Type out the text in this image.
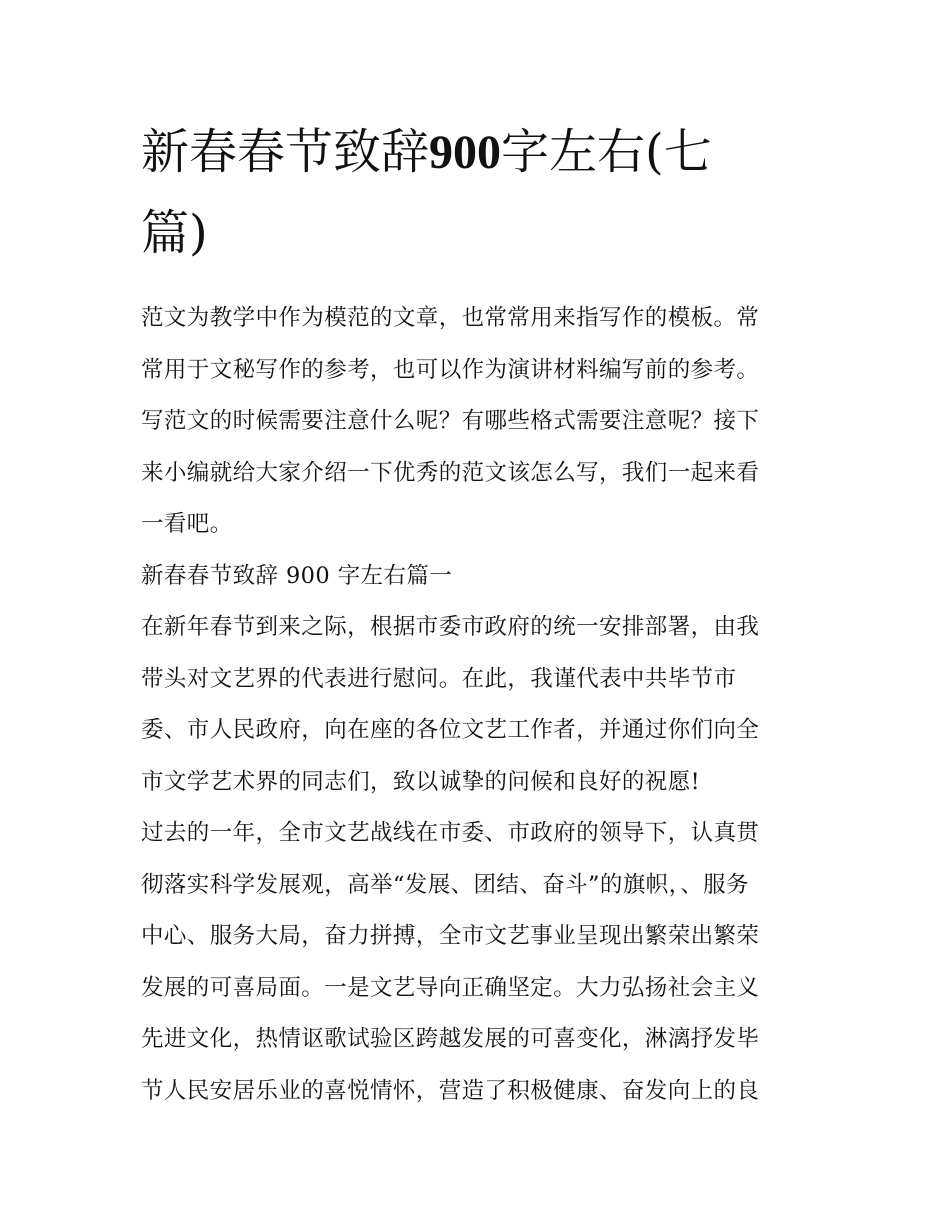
新春春节致辞900字左右(七
篇)
范文为教学中作为模范的文章，也常常用来指写作的模板。常
常用于文秘写作的参考，也可以作为演讲材料编写前的参考。
写范文的时候需要注意什么呢？有哪些格式需要注意呢？接下
来小编就给大家介绍一下优秀的范文该怎么写，我们一起来看
一看吧。
新春春节致辞 900 字左右篇一
在新年春节到来之际，根据市委市政府的统一安排部署，由我
带头对文艺界的代表进行慰问。在此，我谨代表中共毕节市
委、市人民政府，向在座的各位文艺工作者，并通过你们向全
市文学艺术界的同志们，致以诚挚的问候和良好的祝愿!
过去的一年，全市文艺战线在市委、市政府的领导下，认真贯
彻落实科学发展观，高举“发展、团结、奋斗”的旗帜，、服务
中心、服务大局，奋力拼搏，全市文艺事业呈现出繁荣出繁荣
发展的可喜局面。一是文艺导向正确坚定。大力弘扬社会主义
先进文化，热情讴歌试验区跨越发展的可喜变化，淋漓抒发毕
节人民安居乐业的喜悦情怀，营造了积极健康、奋发向上的良
